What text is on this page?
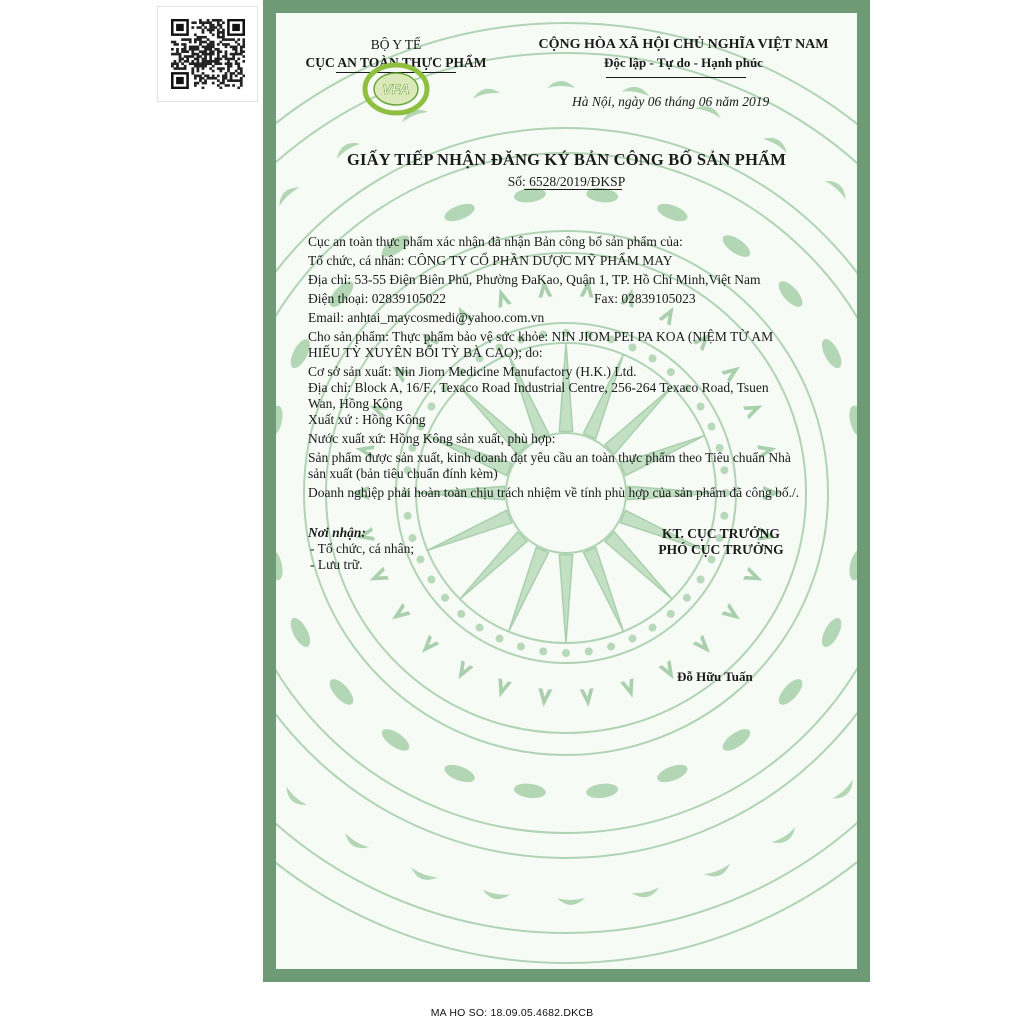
BỘ Y TẾ
CỤC AN TOÀN THỰC PHẨM
VFA
CỘNG HÒA XÃ HỘI CHỦ NGHĨA VIỆT NAM
Độc lập - Tự do - Hạnh phúc
Hà Nội, ngày 06 tháng 06 năm 2019
GIẤY TIẾP NHẬN ĐĂNG KÝ BẢN CÔNG BỐ SẢN PHẨM
Số: 6528/2019/ĐKSP
Cục an toàn thực phẩm xác nhận đã nhận Bản công bố sản phẩm của:
Tổ chức, cá nhân: CÔNG TY CỔ PHẦN DƯỢC MỸ PHẨM MAY
Địa chỉ: 53-55 Điện Biên Phủ, Phường ĐaKao, Quận 1, TP. Hồ Chí Minh,Việt Nam
Điện thoại: 02839105022	Fax: 02839105023
Email: anhtai_maycosmedi@yahoo.com.vn
Cho sản phẩm: Thực phẩm bảo vệ sức khỏe: NIN JIOM PEI PA KOA (NIỆM TỪ AM
HIẾU TỲ XUYÊN BỐI TỲ BÀ CAO); do:
Cơ sở sản xuất: Nin Jiom Medicine Manufactory (H.K.) Ltd.
Địa chỉ: Block A, 16/F., Texaco Road Industrial Centre, 256-264 Texaco Road, Tsuen
Wan, Hồng Kông
Xuất xứ : Hồng Kông
Nước xuất xứ: Hồng Kông sản xuất, phù hợp:
Sản phẩm được sản xuất, kinh doanh đạt yêu cầu an toàn thực phẩm theo Tiêu chuẩn Nhà
sản xuất (bản tiêu chuẩn đính kèm)
Doanh nghiệp phải hoàn toàn chịu trách nhiệm về tính phù hợp của sản phẩm đã công bố./.
Nơi nhận:
- Tổ chức, cá nhân;
- Lưu trữ.
KT. CỤC TRƯỞNG
PHÓ CỤC TRƯỞNG
Đỗ Hữu Tuấn
MA HO SO: 18.09.05.4682.DKCB
